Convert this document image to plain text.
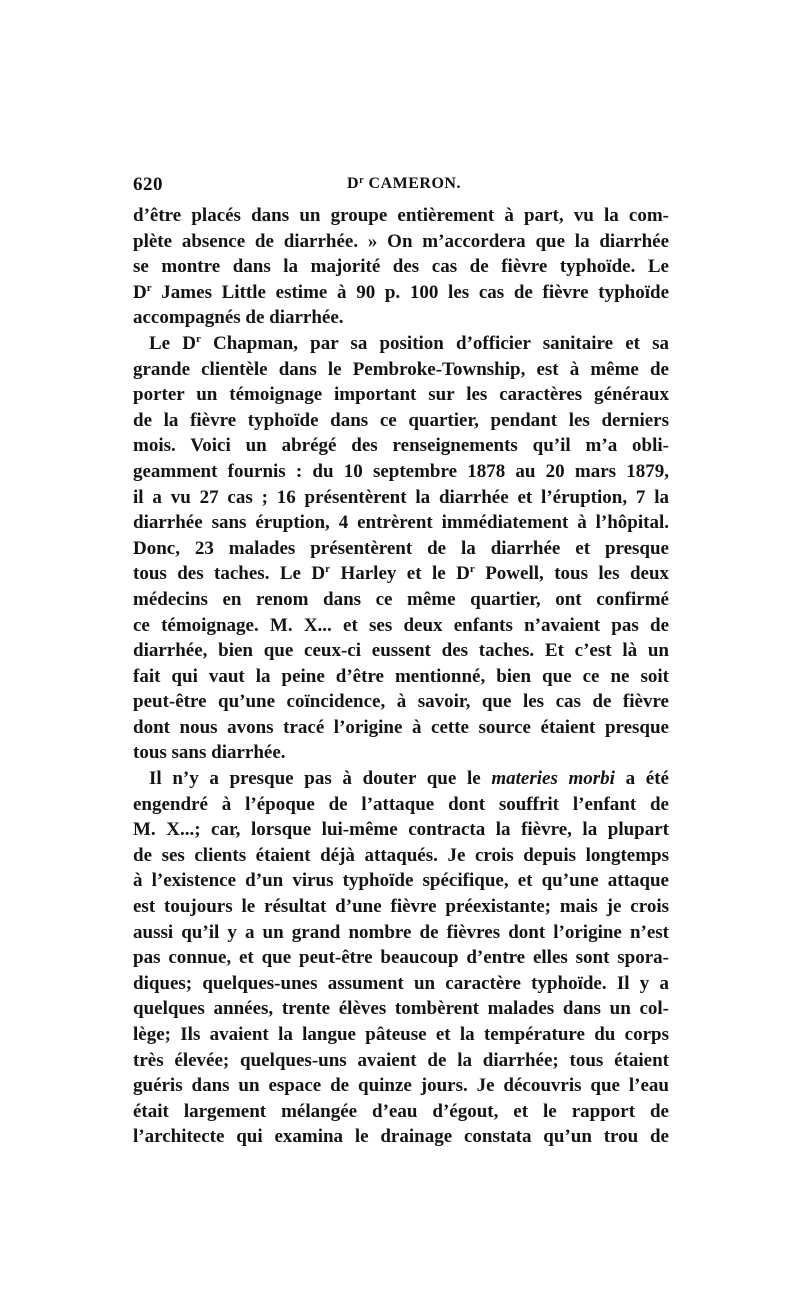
620	$D^r$ CAMERON.
d’être placés dans un groupe entièrement à part, vu la com-
plète absence de diarrhée. » On m’accordera que la diarrhée
se montre dans la majorité des cas de fièvre typhoïde. Le
$D^r$ James Little estime à 90 p. 100 les cas de fièvre typhoïde
accompagnés de diarrhée.
Le $D^r$ Chapman, par sa position d’officier sanitaire et sa
grande clientèle dans le Pembroke-Township, est à même de
porter un témoignage important sur les caractères généraux
de la fièvre typhoïde dans ce quartier, pendant les derniers
mois. Voici un abrégé des renseignements qu’il m’a obli-
geamment fournis : du 10 septembre 1878 au 20 mars 1879,
il a vu 27 cas ; 16 présentèrent la diarrhée et l’éruption, 7 la
diarrhée sans éruption, 4 entrèrent immédiatement à l’hôpital.
Donc, 23 malades présentèrent de la diarrhée et presque
tous des taches. Le $D^r$ Harley et le $D^r$ Powell, tous les deux
médecins en renom dans ce même quartier, ont confirmé
ce témoignage. M. X... et ses deux enfants n’avaient pas de
diarrhée, bien que ceux-ci eussent des taches. Et c’est là un
fait qui vaut la peine d’être mentionné, bien que ce ne soit
peut-être qu’une coïncidence, à savoir, que les cas de fièvre
dont nous avons tracé l’origine à cette source étaient presque
tous sans diarrhée.
Il n’y a presque pas à douter que le materies morbi a été
engendré à l’époque de l’attaque dont souffrit l’enfant de
M. X...; car, lorsque lui-même contracta la fièvre, la plupart
de ses clients étaient déjà attaqués. Je crois depuis longtemps
à l’existence d’un virus typhoïde spécifique, et qu’une attaque
est toujours le résultat d’une fièvre préexistante; mais je crois
aussi qu’il y a un grand nombre de fièvres dont l’origine n’est
pas connue, et que peut-être beaucoup d’entre elles sont spora-
diques; quelques-unes assument un caractère typhoïde. Il y a
quelques années, trente élèves tombèrent malades dans un col-
lège; Ils avaient la langue pâteuse et la température du corps
très élevée; quelques-uns avaient de la diarrhée; tous étaient
guéris dans un espace de quinze jours. Je découvris que l’eau
était largement mélangée d’eau d’égout, et le rapport de
l’architecte qui examina le drainage constata qu’un trou de
